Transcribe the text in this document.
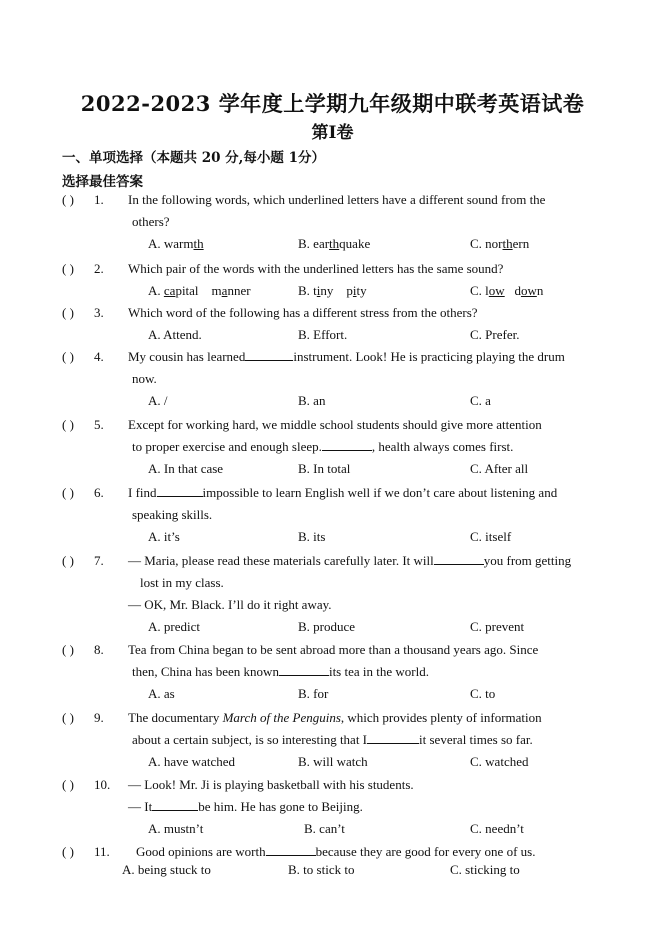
2022-2023 学年度上学期九年级期中联考英语试卷
第Ⅰ卷
一、单项选择（本题共 20 分,每小题 1分）
选择最佳答案
( ) 1. In the following words, which underlined letters have a different sound from the
others?
A. warmth	B. earthquake	C. northern
( ) 2. Which pair of the words with the underlined letters has the same sound?
A. capital manner	B. tiny pity	C. low down
( ) 3. Which word of the following has a different stress from the others?
A. Attend.	B. Effort.	C. Prefer.
( ) 4. My cousin has learned	instrument. Look! He is practicing playing the drum
now.
A. /	B. an	C. a
( ) 5. Except for working hard, we middle school students should give more attention
to proper exercise and enough sleep.	, health always comes first.
A. In that case	B. In total	C. After all
( ) 6. I find	impossible to learn English well if we don’t care about listening and
speaking skills.
A. it’s	B. its	C. itself
( ) 7. — Maria, please read these materials carefully later. It will	you from getting
lost in my class.
— OK, Mr. Black. I’ll do it right away.
A. predict	B. produce	C. prevent
( ) 8. Tea from China began to be sent abroad more than a thousand years ago. Since
then, China has been known	its tea in the world.
A. as	B. for	C. to
( ) 9. The documentary March of the Penguins, which provides plenty of information
about a certain subject, is so interesting that I	it several times so far.
A. have watched	B. will watch	C. watched
( ) 10. — Look! Mr. Ji is playing basketball with his students.
— It	be him. He has gone to Beijing.
A. mustn’t	B. can’t	C. needn’t
( ) 11. Good opinions are worth	because they are good for every one of us.
A. being stuck to	B. to stick to	C. sticking to
